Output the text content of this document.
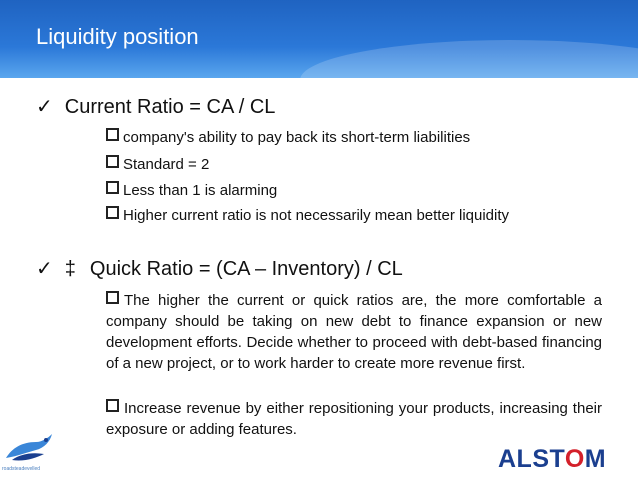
Liquidity position
✓ Current Ratio = CA / CL
company's ability to pay back its short-term liabilities
Standard = 2
Less than 1 is alarming
Higher current ratio is not necessarily mean better liquidity
✓ ‡ Quick Ratio = (CA – Inventory) / CL
The higher the current or quick ratios are, the more comfortable a company should be taking on new debt to finance expansion or new development efforts. Decide whether to proceed with debt-based financing of a new project, or to work harder to create more revenue first.
Increase revenue by either repositioning your products, increasing their exposure or adding features.
roadsteadevelled	ALSTOM
